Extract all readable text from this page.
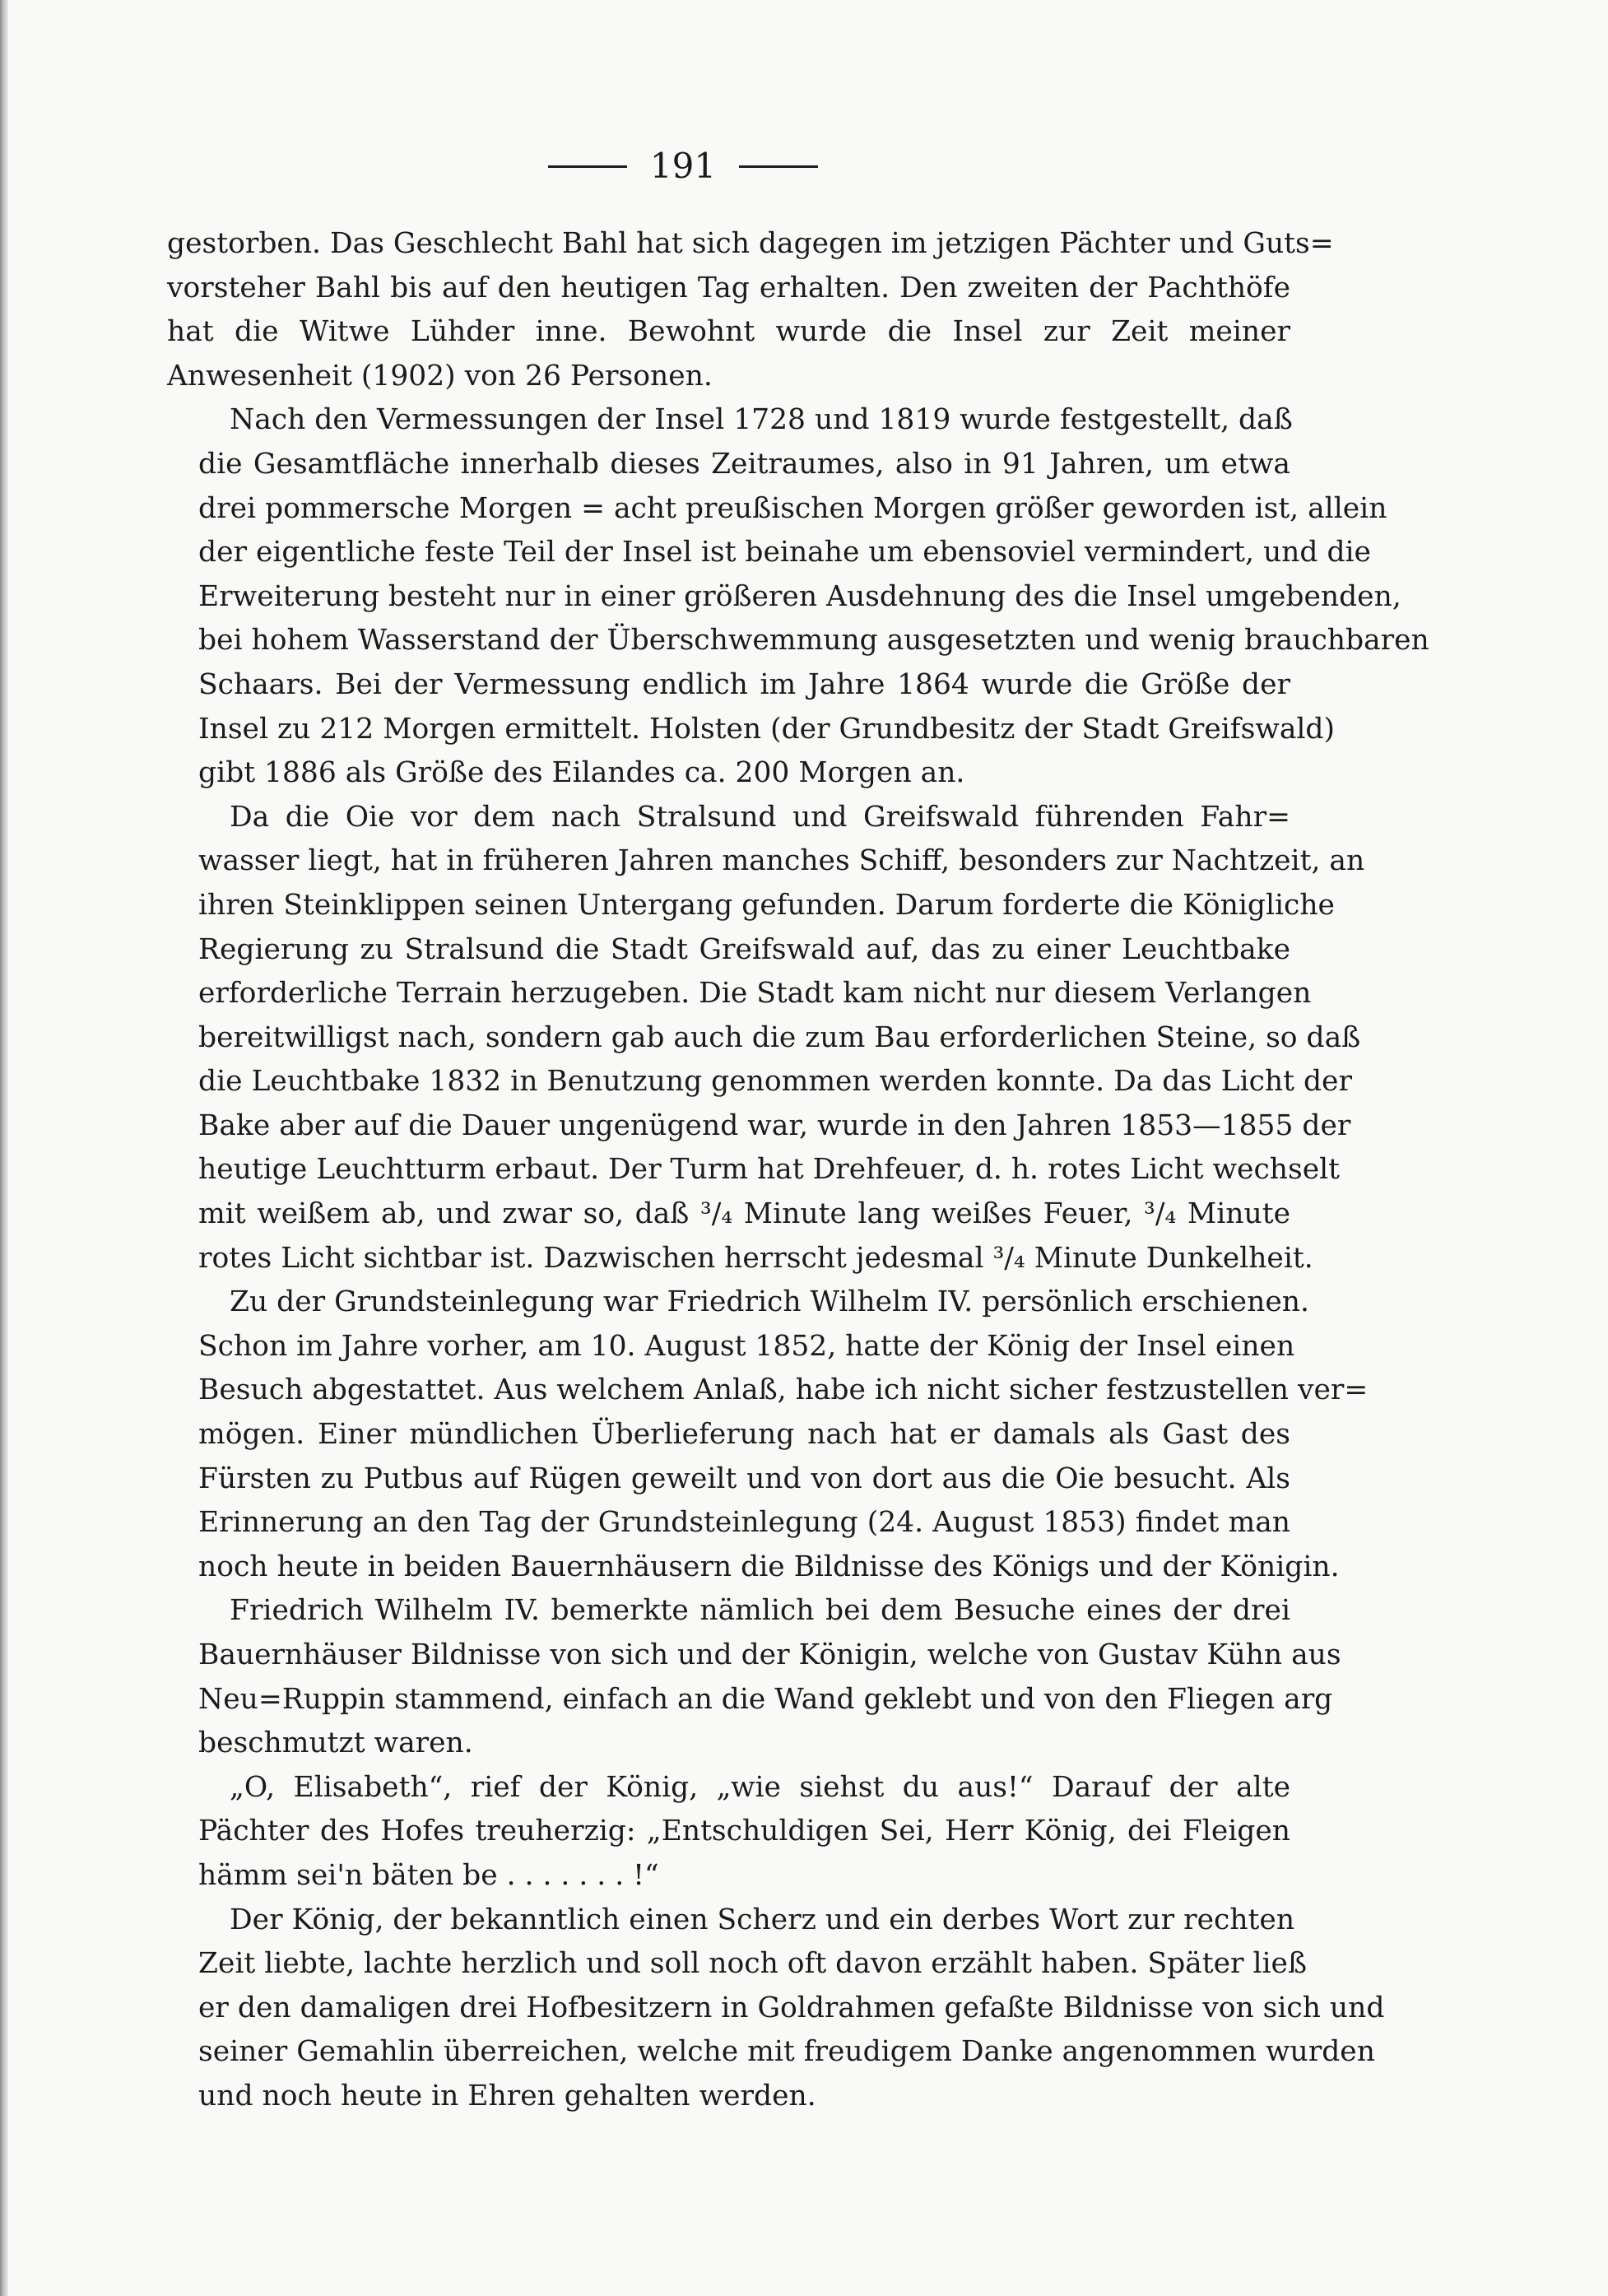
191
gestorben. Das Geschlecht Bahl hat sich dagegen im jetzigen Pächter und Guts=
vorsteher Bahl bis auf den heutigen Tag erhalten. Den zweiten der Pachthöfe
hat die Witwe Lühder inne. Bewohnt wurde die Insel zur Zeit meiner
Anwesenheit (1902) von 26 Personen.
Nach den Vermessungen der Insel 1728 und 1819 wurde festgestellt, daß
die Gesamtfläche innerhalb dieses Zeitraumes, also in 91 Jahren, um etwa
drei pommersche Morgen = acht preußischen Morgen größer geworden ist, allein
der eigentliche feste Teil der Insel ist beinahe um ebensoviel vermindert, und die
Erweiterung besteht nur in einer größeren Ausdehnung des die Insel umgebenden,
bei hohem Wasserstand der Überschwemmung ausgesetzten und wenig brauchbaren
Schaars. Bei der Vermessung endlich im Jahre 1864 wurde die Größe der
Insel zu 212 Morgen ermittelt. Holsten (der Grundbesitz der Stadt Greifswald)
gibt 1886 als Größe des Eilandes ca. 200 Morgen an.
Da die Oie vor dem nach Stralsund und Greifswald führenden Fahr=
wasser liegt, hat in früheren Jahren manches Schiff, besonders zur Nachtzeit, an
ihren Steinklippen seinen Untergang gefunden. Darum forderte die Königliche
Regierung zu Stralsund die Stadt Greifswald auf, das zu einer Leuchtbake
erforderliche Terrain herzugeben. Die Stadt kam nicht nur diesem Verlangen
bereitwilligst nach, sondern gab auch die zum Bau erforderlichen Steine, so daß
die Leuchtbake 1832 in Benutzung genommen werden konnte. Da das Licht der
Bake aber auf die Dauer ungenügend war, wurde in den Jahren 1853—1855 der
heutige Leuchtturm erbaut. Der Turm hat Drehfeuer, d. h. rotes Licht wechselt
mit weißem ab, und zwar so, daß ³/₄ Minute lang weißes Feuer, ³/₄ Minute
rotes Licht sichtbar ist. Dazwischen herrscht jedesmal ³/₄ Minute Dunkelheit.
Zu der Grundsteinlegung war Friedrich Wilhelm IV. persönlich erschienen.
Schon im Jahre vorher, am 10. August 1852, hatte der König der Insel einen
Besuch abgestattet. Aus welchem Anlaß, habe ich nicht sicher festzustellen ver=
mögen. Einer mündlichen Überlieferung nach hat er damals als Gast des
Fürsten zu Putbus auf Rügen geweilt und von dort aus die Oie besucht. Als
Erinnerung an den Tag der Grundsteinlegung (24. August 1853) findet man
noch heute in beiden Bauernhäusern die Bildnisse des Königs und der Königin.
Friedrich Wilhelm IV. bemerkte nämlich bei dem Besuche eines der drei
Bauernhäuser Bildnisse von sich und der Königin, welche von Gustav Kühn aus
Neu=Ruppin stammend, einfach an die Wand geklebt und von den Fliegen arg
beschmutzt waren.
„O, Elisabeth“, rief der König, „wie siehst du aus!“ Darauf der alte
Pächter des Hofes treuherzig: „Entschuldigen Sei, Herr König, dei Fleigen
hämm sei'n bäten be . . . . . . . !“
Der König, der bekanntlich einen Scherz und ein derbes Wort zur rechten
Zeit liebte, lachte herzlich und soll noch oft davon erzählt haben. Später ließ
er den damaligen drei Hofbesitzern in Goldrahmen gefaßte Bildnisse von sich und
seiner Gemahlin überreichen, welche mit freudigem Danke angenommen wurden
und noch heute in Ehren gehalten werden.
